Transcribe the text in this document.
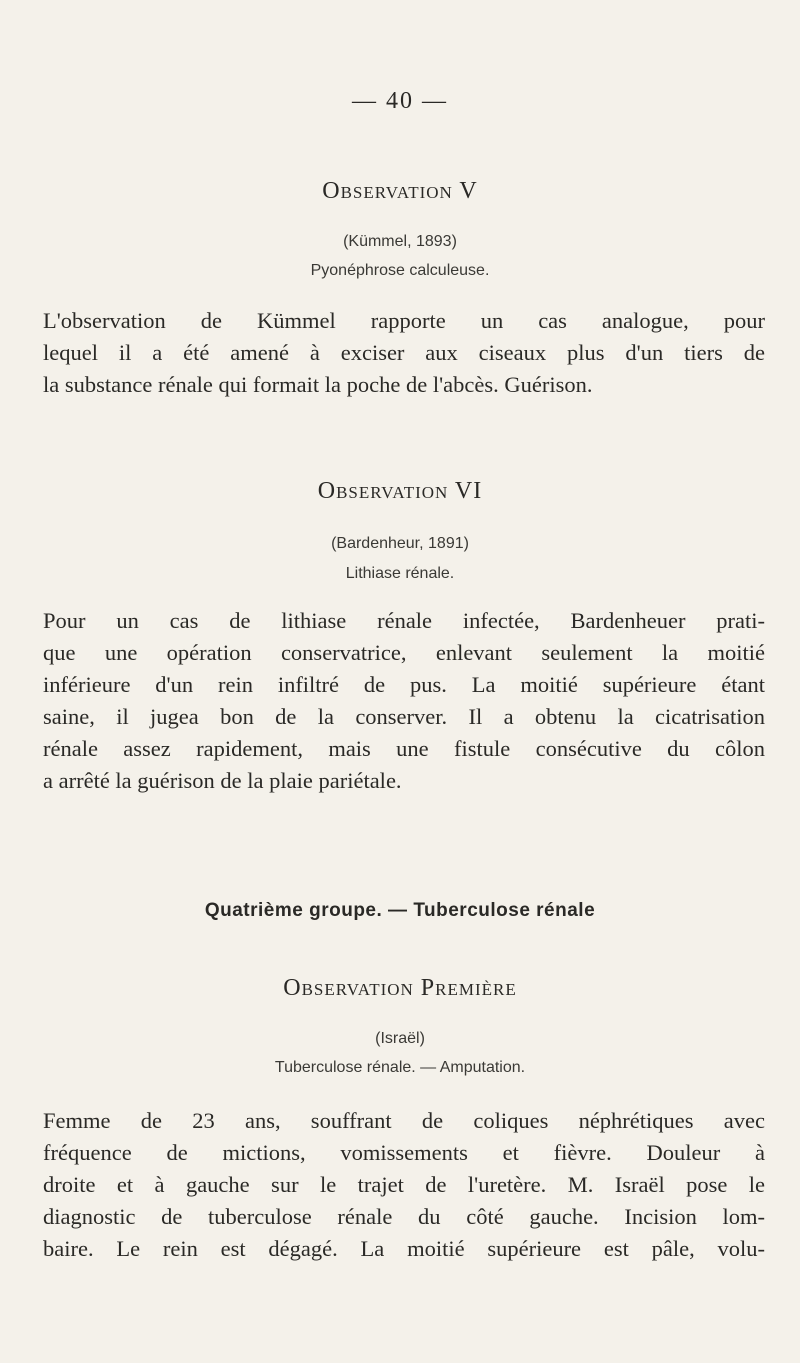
— 40 —
Observation V
(Kümmel, 1893)
Pyonéphrose calculeuse.
L'observation de Kümmel rapporte un cas analogue, pour
lequel il a été amené à exciser aux ciseaux plus d'un tiers de
la substance rénale qui formait la poche de l'abcès. Guérison.
Observation VI
(Bardenheur, 1891)
Lithiase rénale.
Pour un cas de lithiase rénale infectée, Bardenheuer prati-
que une opération conservatrice, enlevant seulement la moitié
inférieure d'un rein infiltré de pus. La moitié supérieure étant
saine, il jugea bon de la conserver. Il a obtenu la cicatrisation
rénale assez rapidement, mais une fistule consécutive du côlon
a arrêté la guérison de la plaie pariétale.
Quatrième groupe. — Tuberculose rénale
Observation Première
(Israël)
Tuberculose rénale. — Amputation.
Femme de 23 ans, souffrant de coliques néphrétiques avec
fréquence de mictions, vomissements et fièvre. Douleur à
droite et à gauche sur le trajet de l'uretère. M. Israël pose le
diagnostic de tuberculose rénale du côté gauche. Incision lom-
baire. Le rein est dégagé. La moitié supérieure est pâle, volu-
